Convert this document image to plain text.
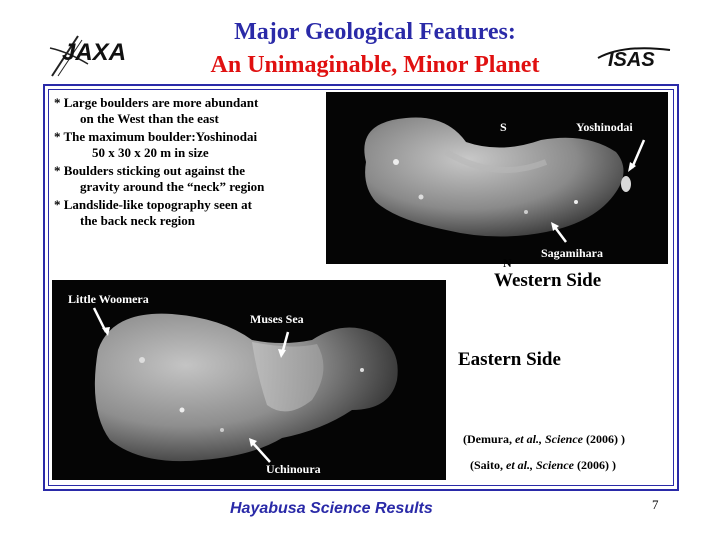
JAXA	ISAS
Major Geological Features:
An Unimaginable, Minor Planet
* Large boulders are more abundant
on the West than the east
* The maximum boulder:Yoshinodai
50 x 30 x 20 m in size
* Boulders sticking out against the
gravity around the “neck” region
* Landslide-like topography seen at
the back neck region
S	Yoshinodai
Sagamihara
N
Western Side
Little Woomera
Muses Sea
Uchinoura
Eastern Side
(Demura, et al., Science (2006) )
(Saito, et al., Science (2006) )
Hayabusa Science Results	7
